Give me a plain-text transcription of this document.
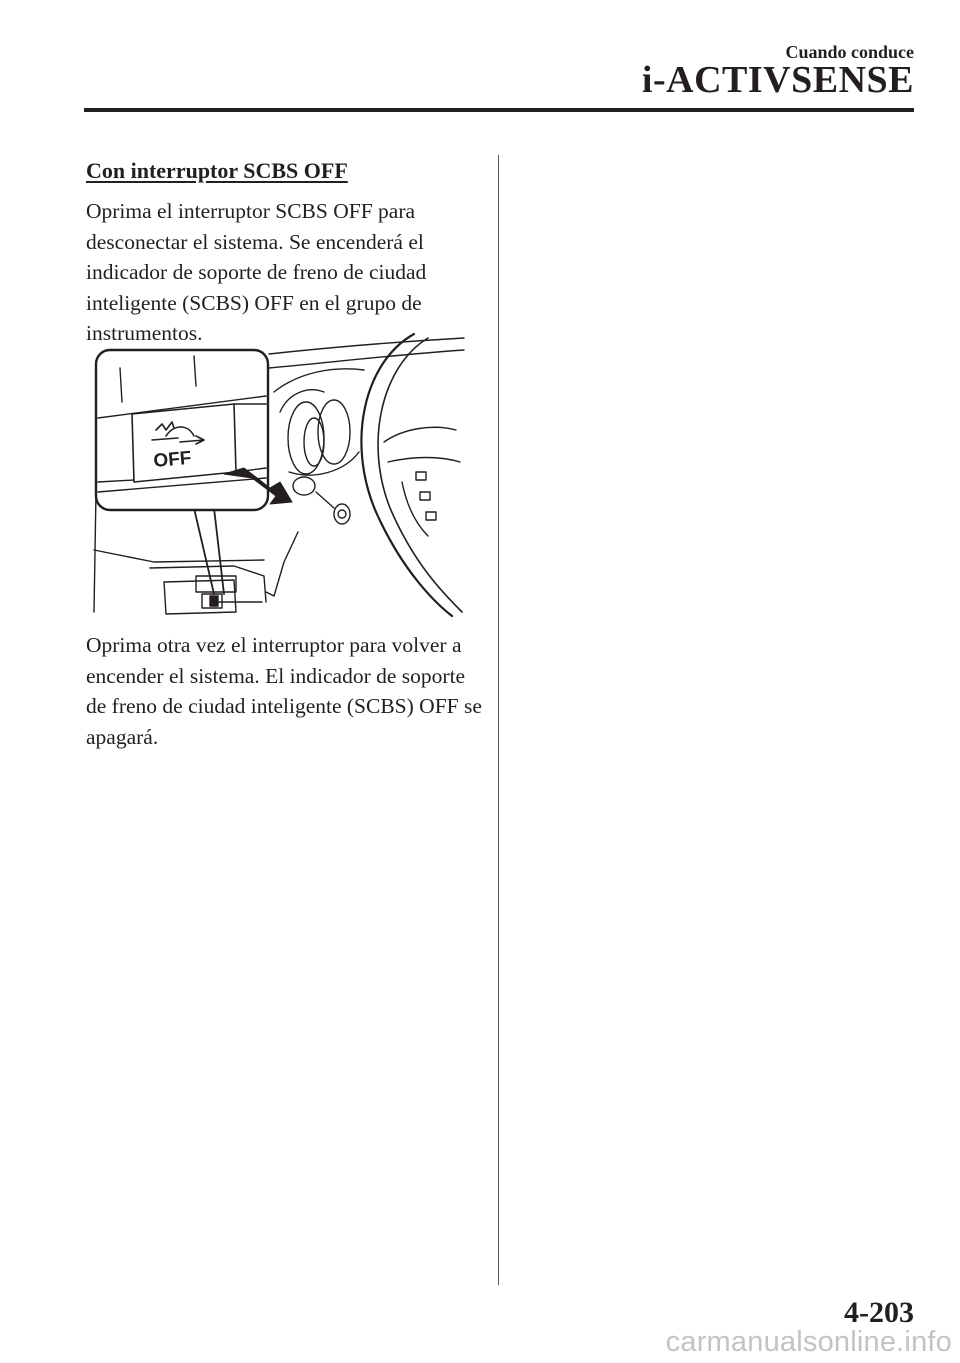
Cuando conduce
i-ACTIVSENSE
Con interruptor SCBS OFF

Oprima el interruptor SCBS OFF para desconectar el sistema. Se encenderá el indicador de soporte de freno de ciudad inteligente (SCBS) OFF en el grupo de instrumentos.

OFF

Oprima otra vez el interruptor para volver a encender el sistema. El indicador de soporte de freno de ciudad inteligente (SCBS) OFF se apagará.

4-203
carmanualsonline.info
